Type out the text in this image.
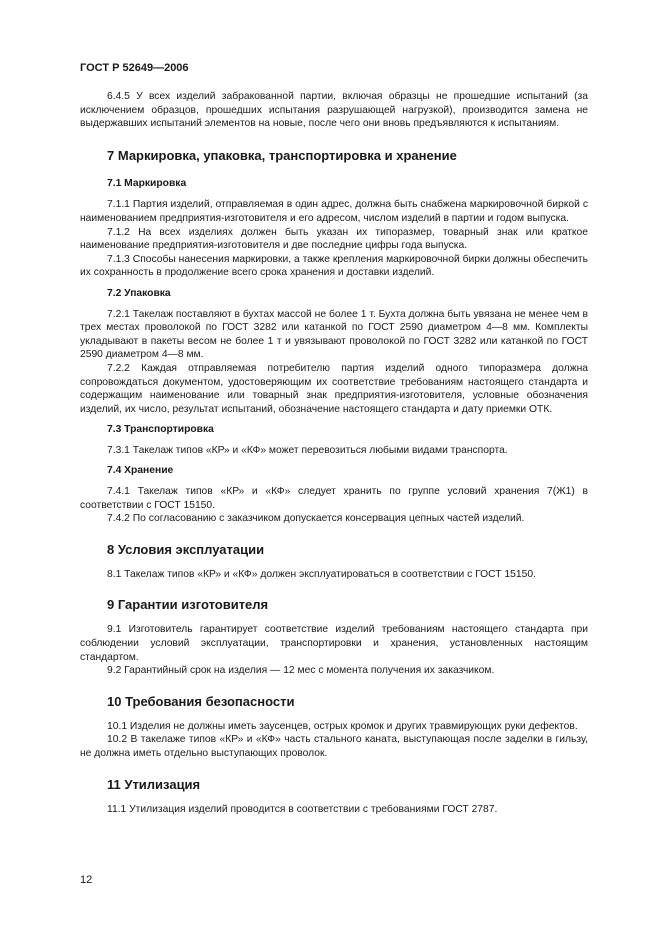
ГОСТ Р 52649—2006

6.4.5 У всех изделий забракованной партии, включая образцы не прошедшие испытаний (за исключением образцов, прошедших испытания разрушающей нагрузкой), производится замена не выдержавших испытаний элементов на новые, после чего они вновь предъявляются к испытаниям.

7 Маркировка, упаковка, транспортировка и хранение
7.1 Маркировка

7.1.1 Партия изделий, отправляемая в один адрес, должна быть снабжена маркировочной биркой с наименованием предприятия-изготовителя и его адресом, числом изделий в партии и годом выпуска.

7.1.2 На всех изделиях должен быть указан их типоразмер, товарный знак или краткое наименование предприятия-изготовителя и две последние цифры года выпуска.

7.1.3 Способы нанесения маркировки, а также крепления маркировочной бирки должны обеспечить их сохранность в продолжение всего срока хранения и доставки изделий.

7.2 Упаковка

7.2.1 Такелаж поставляют в бухтах массой не более 1 т. Бухта должна быть увязана не менее чем в трех местах проволокой по ГОСТ 3282 или катанкой по ГОСТ 2590 диаметром 4—8 мм. Комплекты укладывают в пакеты весом не более 1 т и увязывают проволокой по ГОСТ 3282 или катанкой по ГОСТ 2590 диаметром 4—8 мм.

7.2.2 Каждая отправляемая потребителю партия изделий одного типоразмера должна сопровождаться документом, удостоверяющим их соответствие требованиям настоящего стандарта и содержащим наименование или товарный знак предприятия-изготовителя, условные обозначения изделий, их число, результат испытаний, обозначение настоящего стандарта и дату приемки ОТК.

7.3 Транспортировка

7.3.1 Такелаж типов «КР» и «КФ» может перевозиться любыми видами транспорта.

7.4 Хранение

7.4.1 Такелаж типов «КР» и «КФ» следует хранить по группе условий хранения 7(Ж1) в соответствии с ГОСТ 15150.

7.4.2 По согласованию с заказчиком допускается консервация цепных частей изделий.

8 Условия эксплуатации

8.1 Такелаж типов «КР» и «КФ» должен эксплуатироваться в соответствии с ГОСТ 15150.

9 Гарантии изготовителя

9.1 Изготовитель гарантирует соответствие изделий требованиям настоящего стандарта при соблюдении условий эксплуатации, транспортировки и хранения, установленных настоящим стандартом.

9.2 Гарантийный срок на изделия — 12 мес с момента получения их заказчиком.

10 Требования безопасности

10.1 Изделия не должны иметь заусенцев, острых кромок и других травмирующих руки дефектов.

10.2 В такелаже типов «КР» и «КФ» часть стального каната, выступающая после заделки в гильзу, не должна иметь отдельно выступающих проволок.

11 Утилизация

11.1 Утилизация изделий проводится в соответствии с требованиями ГОСТ 2787.

12
